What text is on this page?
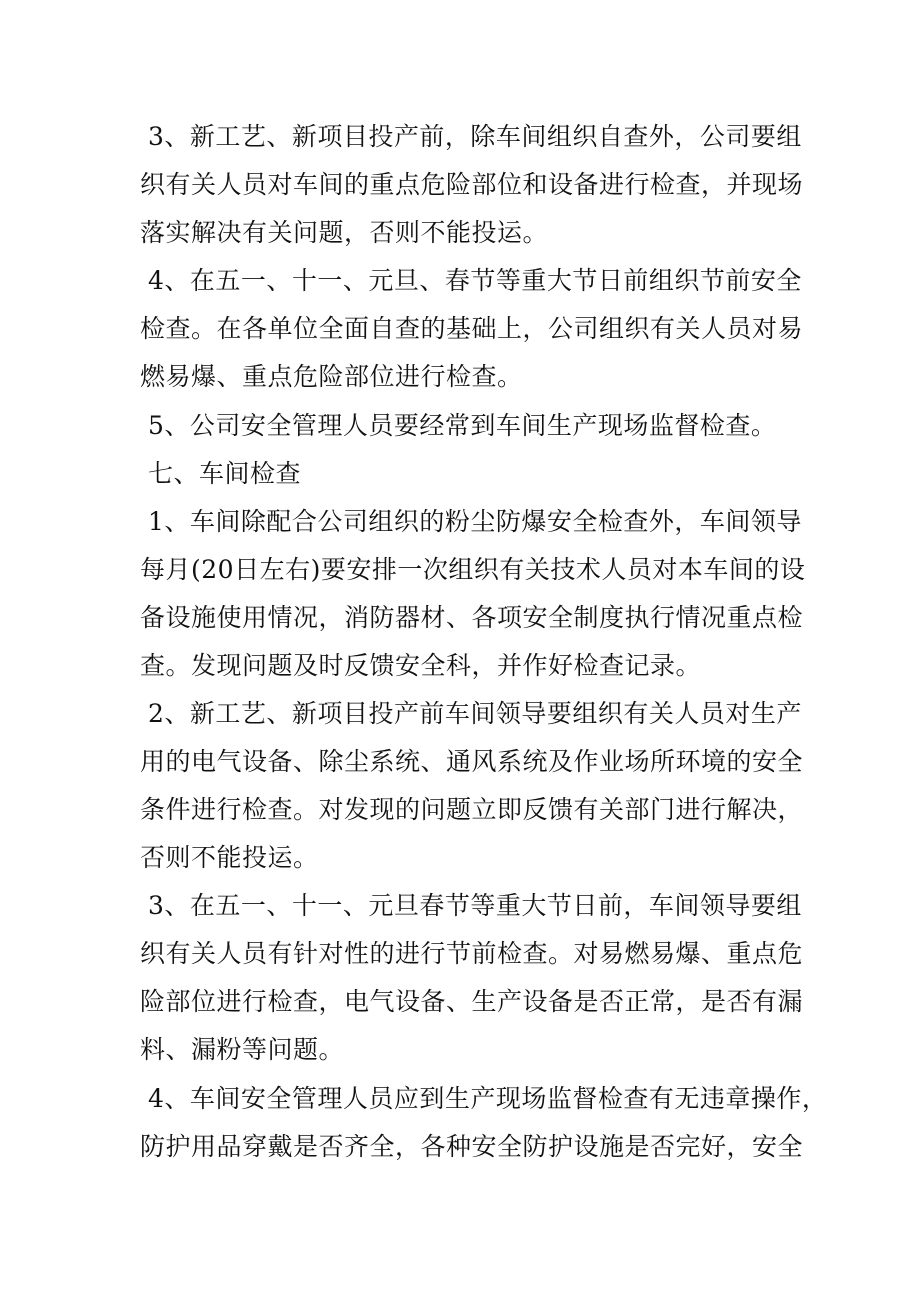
3、新工艺、新项目投产前，除车间组织自查外，公司要组
织有关人员对车间的重点危险部位和设备进行检查，并现场
落实解决有关问题，否则不能投运。
4、在五一、十一、元旦、春节等重大节日前组织节前安全
检查。在各单位全面自查的基础上，公司组织有关人员对易
燃易爆、重点危险部位进行检查。
5、公司安全管理人员要经常到车间生产现场监督检查。
七、车间检查
1、车间除配合公司组织的粉尘防爆安全检查外，车间领导
每月(20日左右)要安排一次组织有关技术人员对本车间的设
备设施使用情况，消防器材、各项安全制度执行情况重点检
查。发现问题及时反馈安全科，并作好检查记录。
2、新工艺、新项目投产前车间领导要组织有关人员对生产
用的电气设备、除尘系统、通风系统及作业场所环境的安全
条件进行检查。对发现的问题立即反馈有关部门进行解决，
否则不能投运。
3、在五一、十一、元旦春节等重大节日前，车间领导要组
织有关人员有针对性的进行节前检查。对易燃易爆、重点危
险部位进行检查，电气设备、生产设备是否正常，是否有漏
料、漏粉等问题。
4、车间安全管理人员应到生产现场监督检查有无违章操作，
防护用品穿戴是否齐全，各种安全防护设施是否完好，安全
